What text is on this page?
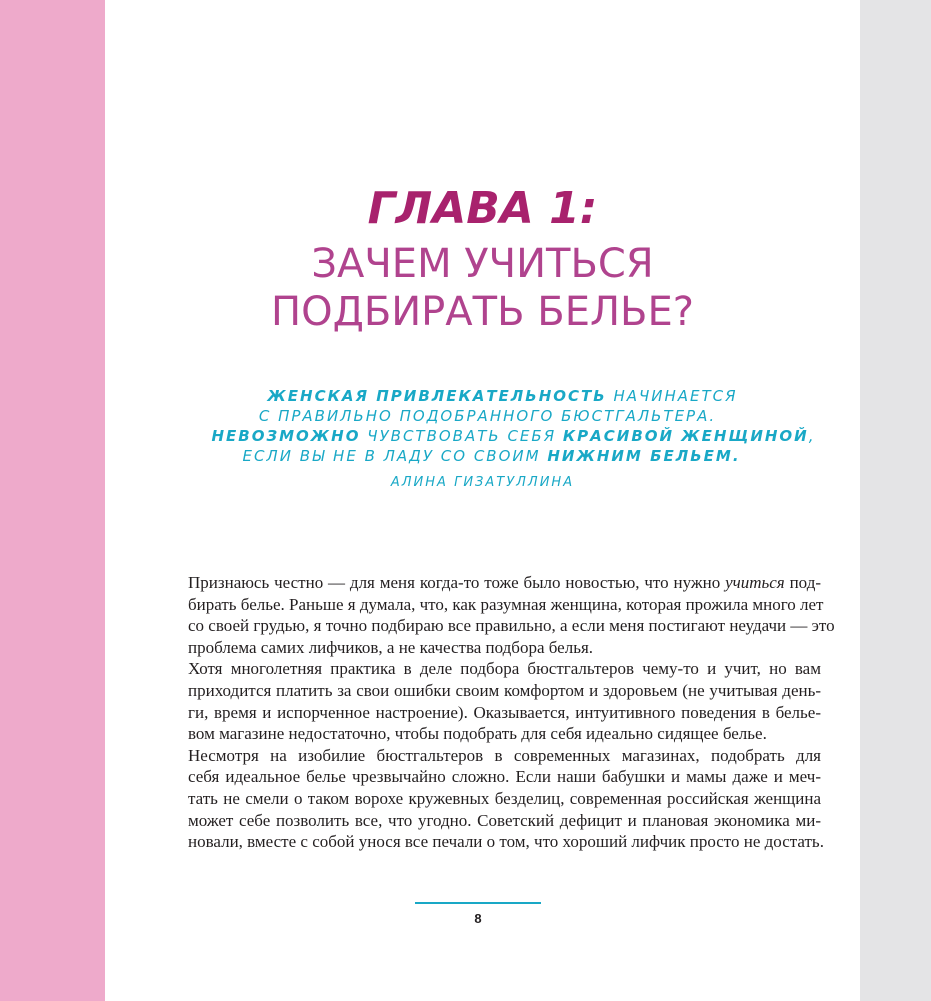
ГЛАВА 1:
ЗАЧЕМ УЧИТЬСЯ
ПОДБИРАТЬ БЕЛЬЕ?
ЖЕНСКАЯ ПРИВЛЕКАТЕЛЬНОСТЬ НАЧИНАЕТСЯ
С ПРАВИЛЬНО ПОДОБРАННОГО БЮСТГАЛЬТЕРА.
НЕВОЗМОЖНО ЧУВСТВОВАТЬ СЕБЯ КРАСИВОЙ ЖЕНЩИНОЙ,
ЕСЛИ ВЫ НЕ В ЛАДУ СО СВОИМ НИЖНИМ БЕЛЬЕМ.
АЛИНА ГИЗАТУЛЛИНА

Признаюсь честно — для меня когда-то тоже было новостью, что нужно учиться под-
бирать белье. Раньше я думала, что, как разумная женщина, которая прожила много лет
со своей грудью, я точно подбираю все правильно, а если меня постигают неудачи — это
проблема самих лифчиков, а не качества подбора белья.

Хотя многолетняя практика в деле подбора бюстгальтеров чему-то и учит, но вам
приходится платить за свои ошибки своим комфортом и здоровьем (не учитывая день-
ги, время и испорченное настроение). Оказывается, интуитивного поведения в бельe-
вом магазине недостаточно, чтобы подобрать для себя идеально сидящее белье.

Несмотря на изобилие бюстгальтеров в современных магазинах, подобрать для
себя идеальное белье чрезвычайно сложно. Если наши бабушки и мамы даже и меч-
тать не смели о таком ворохе кружевных безделиц, современная российская женщина
может себе позволить все, что угодно. Советский дефицит и плановая экономика ми-
новали, вместе с собой унося все печали о том, что хороший лифчик просто не достать.

8
